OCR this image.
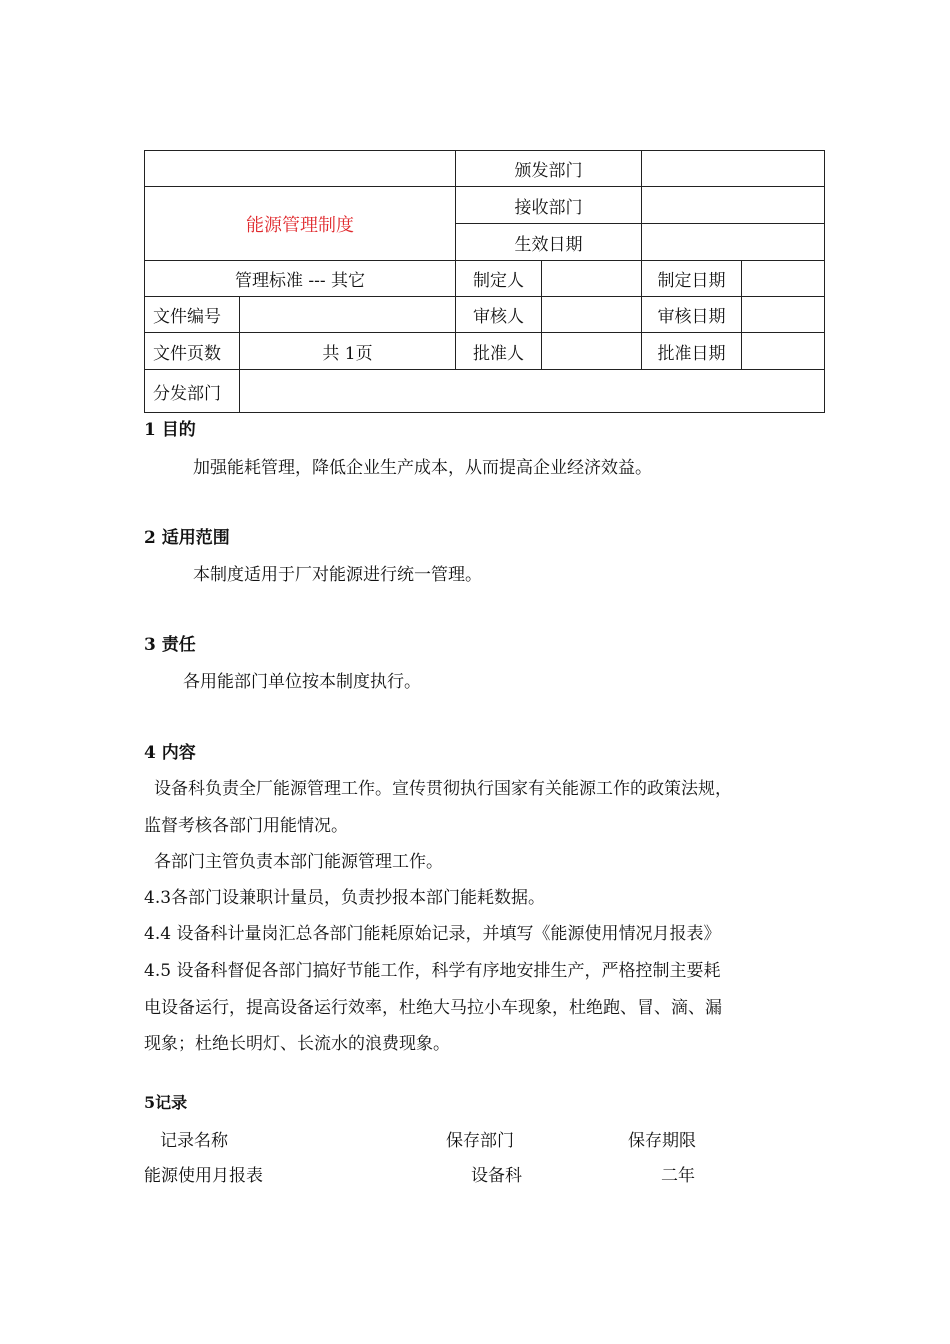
		颁发部门			
能源管理制度		接收部门			
		生效日期			
管理标准 --- 其它		制定人		制定日期	
文件编号		审核人		审核日期	
文件页数	共 1页	批准人		批准日期	
分发部门					
1 目的
加强能耗管理，降低企业生产成本，从而提高企业经济效益。
2 适用范围
本制度适用于厂对能源进行统一管理。
3 责任
各用能部门单位按本制度执行。
4 内容
设备科负责全厂能源管理工作。宣传贯彻执行国家有关能源工作的政策法规，
监督考核各部门用能情况。
各部门主管负责本部门能源管理工作。
4.3各部门设兼职计量员，负责抄报本部门能耗数据。
4.4 设备科计量岗汇总各部门能耗原始记录，并填写《能源使用情况月报表》
4.5 设备科督促各部门搞好节能工作，科学有序地安排生产，严格控制主要耗
电设备运行，提高设备运行效率，杜绝大马拉小车现象，杜绝跑、冒、滴、漏
现象；杜绝长明灯、长流水的浪费现象。
5记录
记录名称	保存部门	保存期限
能源使用月报表	设备科	二年
